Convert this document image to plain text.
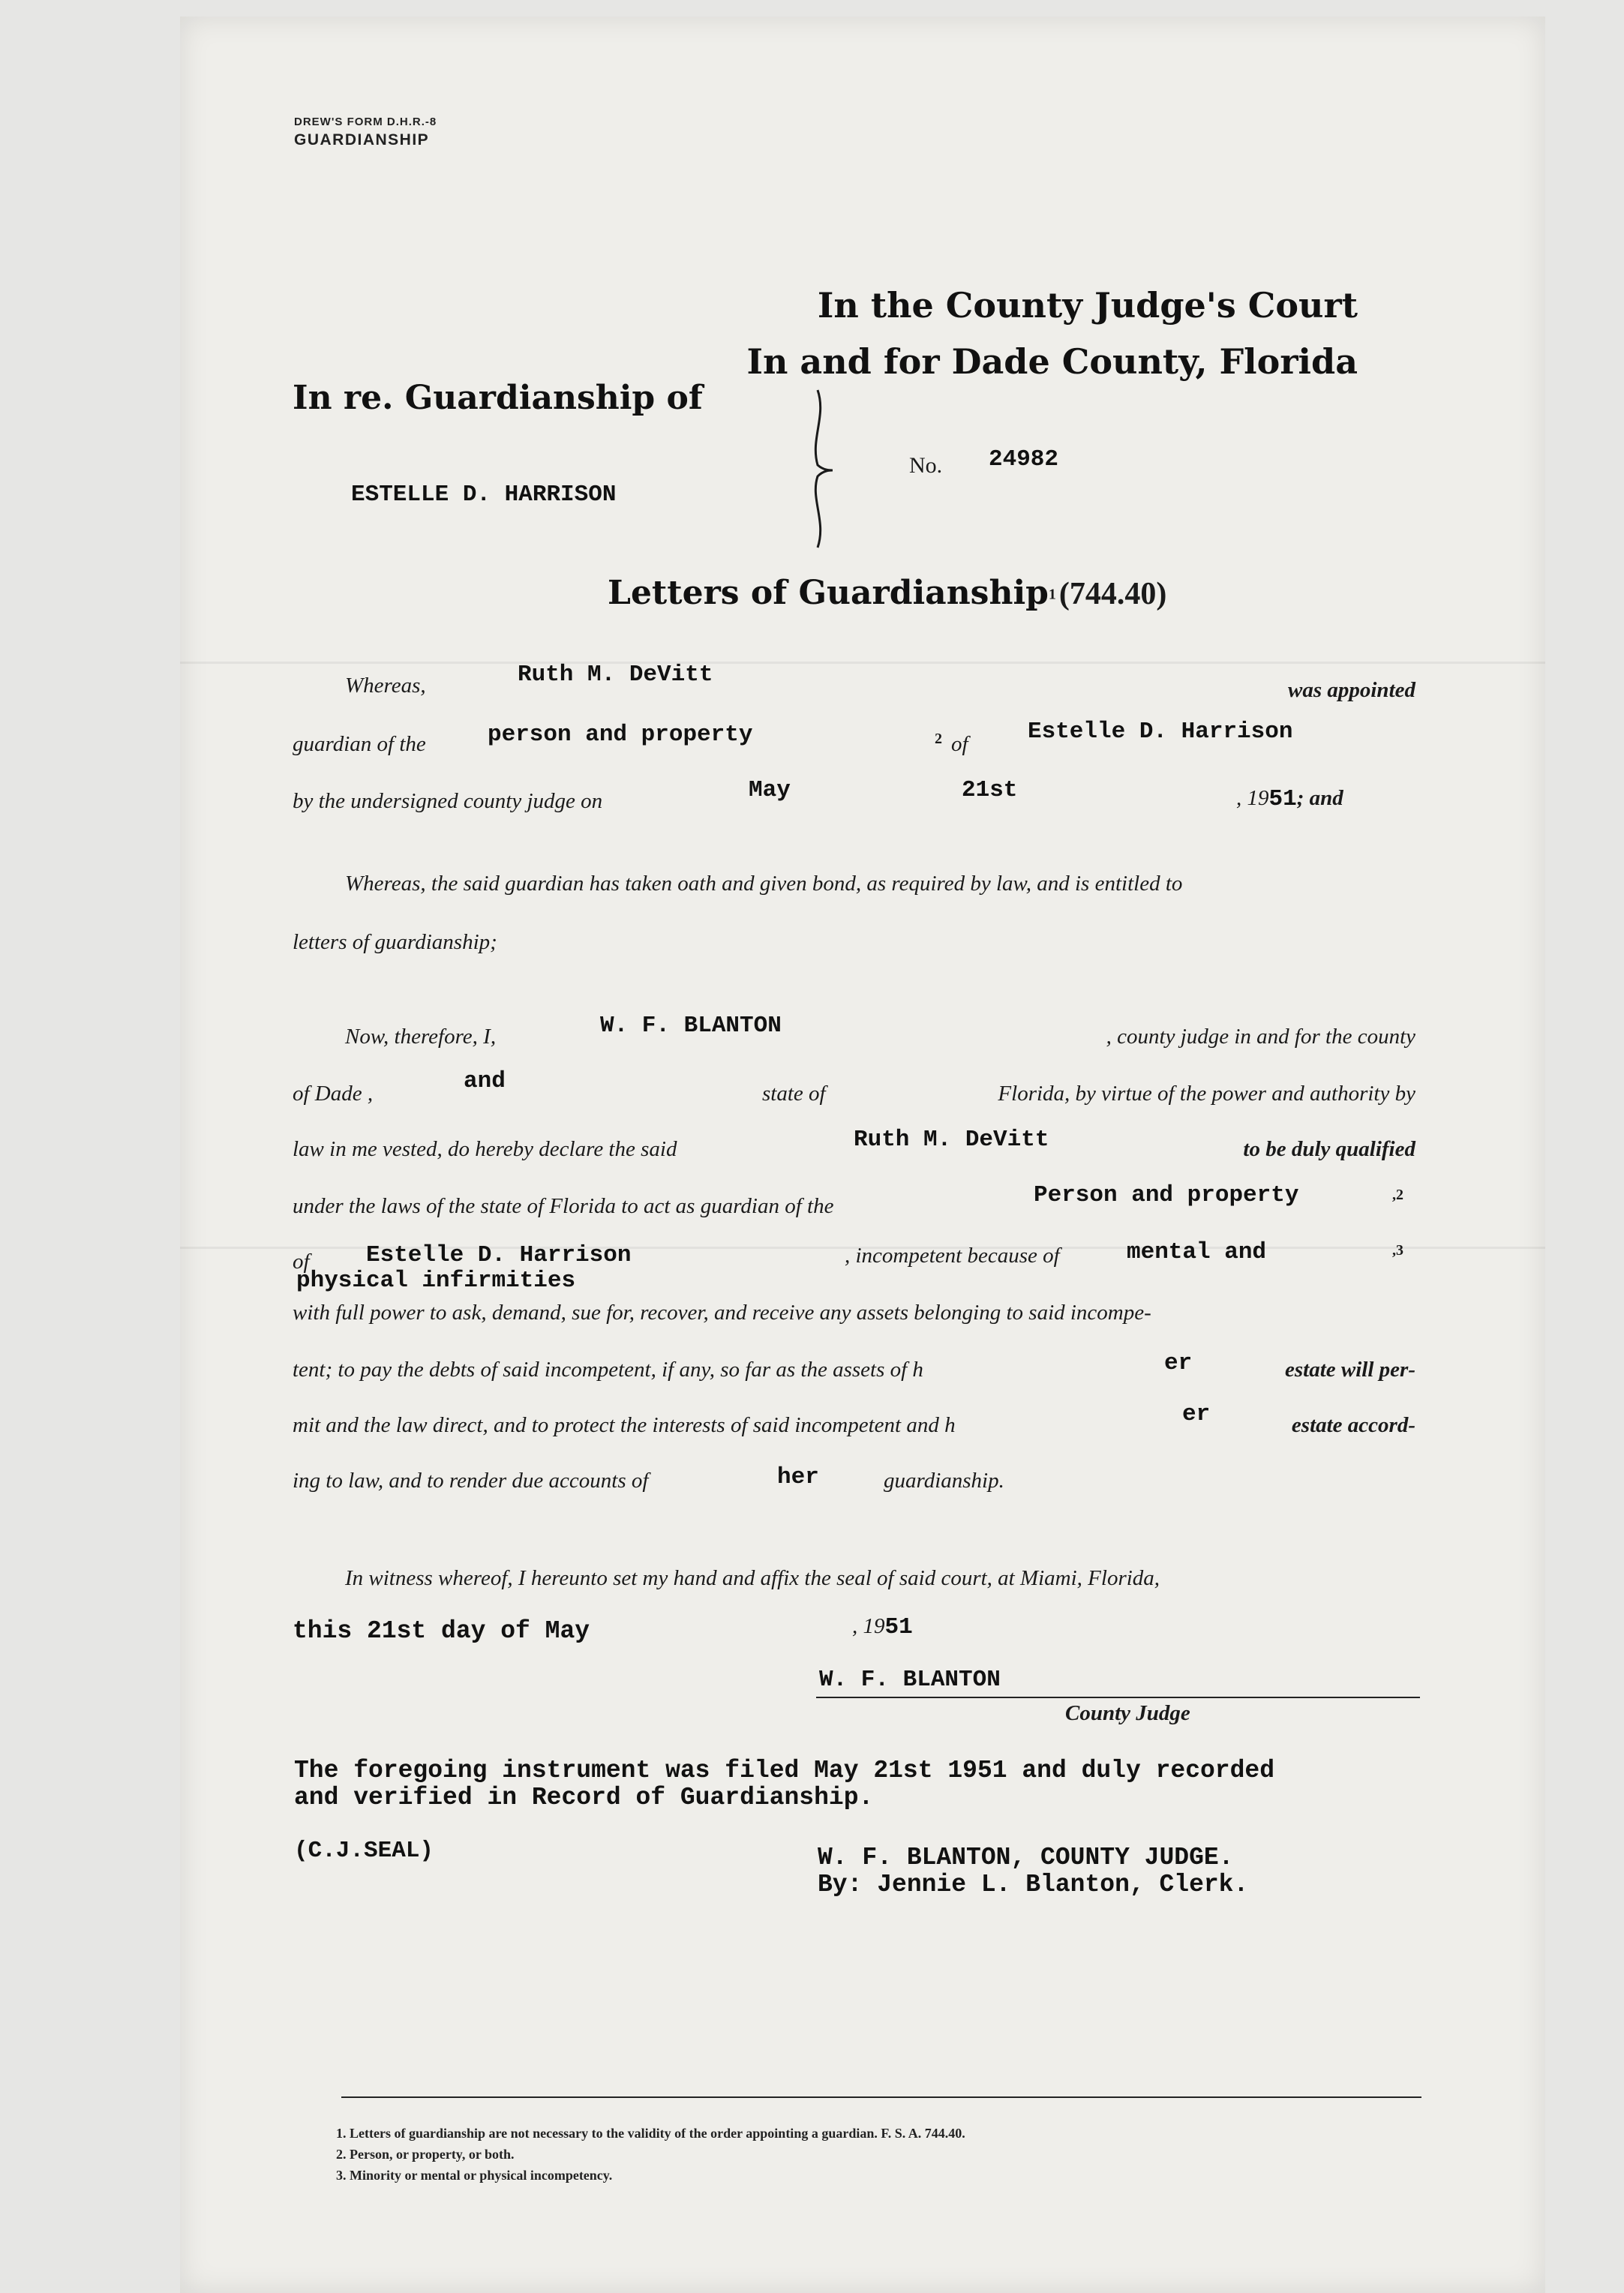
DREW'S FORM D.H.R.-8
GUARDIANSHIP
In the County Judge's Court
In and for Dade County, Florida
In re. Guardianship of
ESTELLE D. HARRISON
No. 24982
Letters of Guardianship1 (744.40)
Whereas,	Ruth M. DeVitt
was appointed
guardian of the	person and property	2 of	Estelle D. Harrison
by the undersigned county judge on	May	21st	, 1951; and
Whereas, the said guardian has taken oath and given bond, as required by law, and is entitled to
letters of guardianship;
Now, therefore, I,	W. F. BLANTON	, county judge in and for the county
of Dade ,	and	state of	Florida, by virtue of the power and authority by
law in me vested, do hereby declare the said	Ruth M. DeVitt	to be duly qualified
under the laws of the state of Florida to act as guardian of the	Person and property	,2
of Estelle D. Harrison	, incompetent because of	mental and	,3
physical infirmities
with full power to ask, demand, sue for, recover, and receive any assets belonging to said incompe-
tent; to pay the debts of said incompetent, if any, so far as the assets of h	er	estate will per-
mit and the law direct, and to protect the interests of said incompetent and h	er	estate accord-
ing to law, and to render due accounts of	her	guardianship.
In witness whereof, I hereunto set my hand and affix the seal of said court, at Miami, Florida,
this 21st day of May	, 1951
W. F. BLANTON
County Judge
The foregoing instrument was filed May 21st 1951 and duly recorded
and verified in Record of Guardianship.
(C.J.SEAL)	W. F. BLANTON, COUNTY JUDGE.
By: Jennie L. Blanton, Clerk.
1. Letters of guardianship are not necessary to the validity of the order appointing a guardian. F. S. A. 744.40.
2. Person, or property, or both.
3. Minority or mental or physical incompetency.
